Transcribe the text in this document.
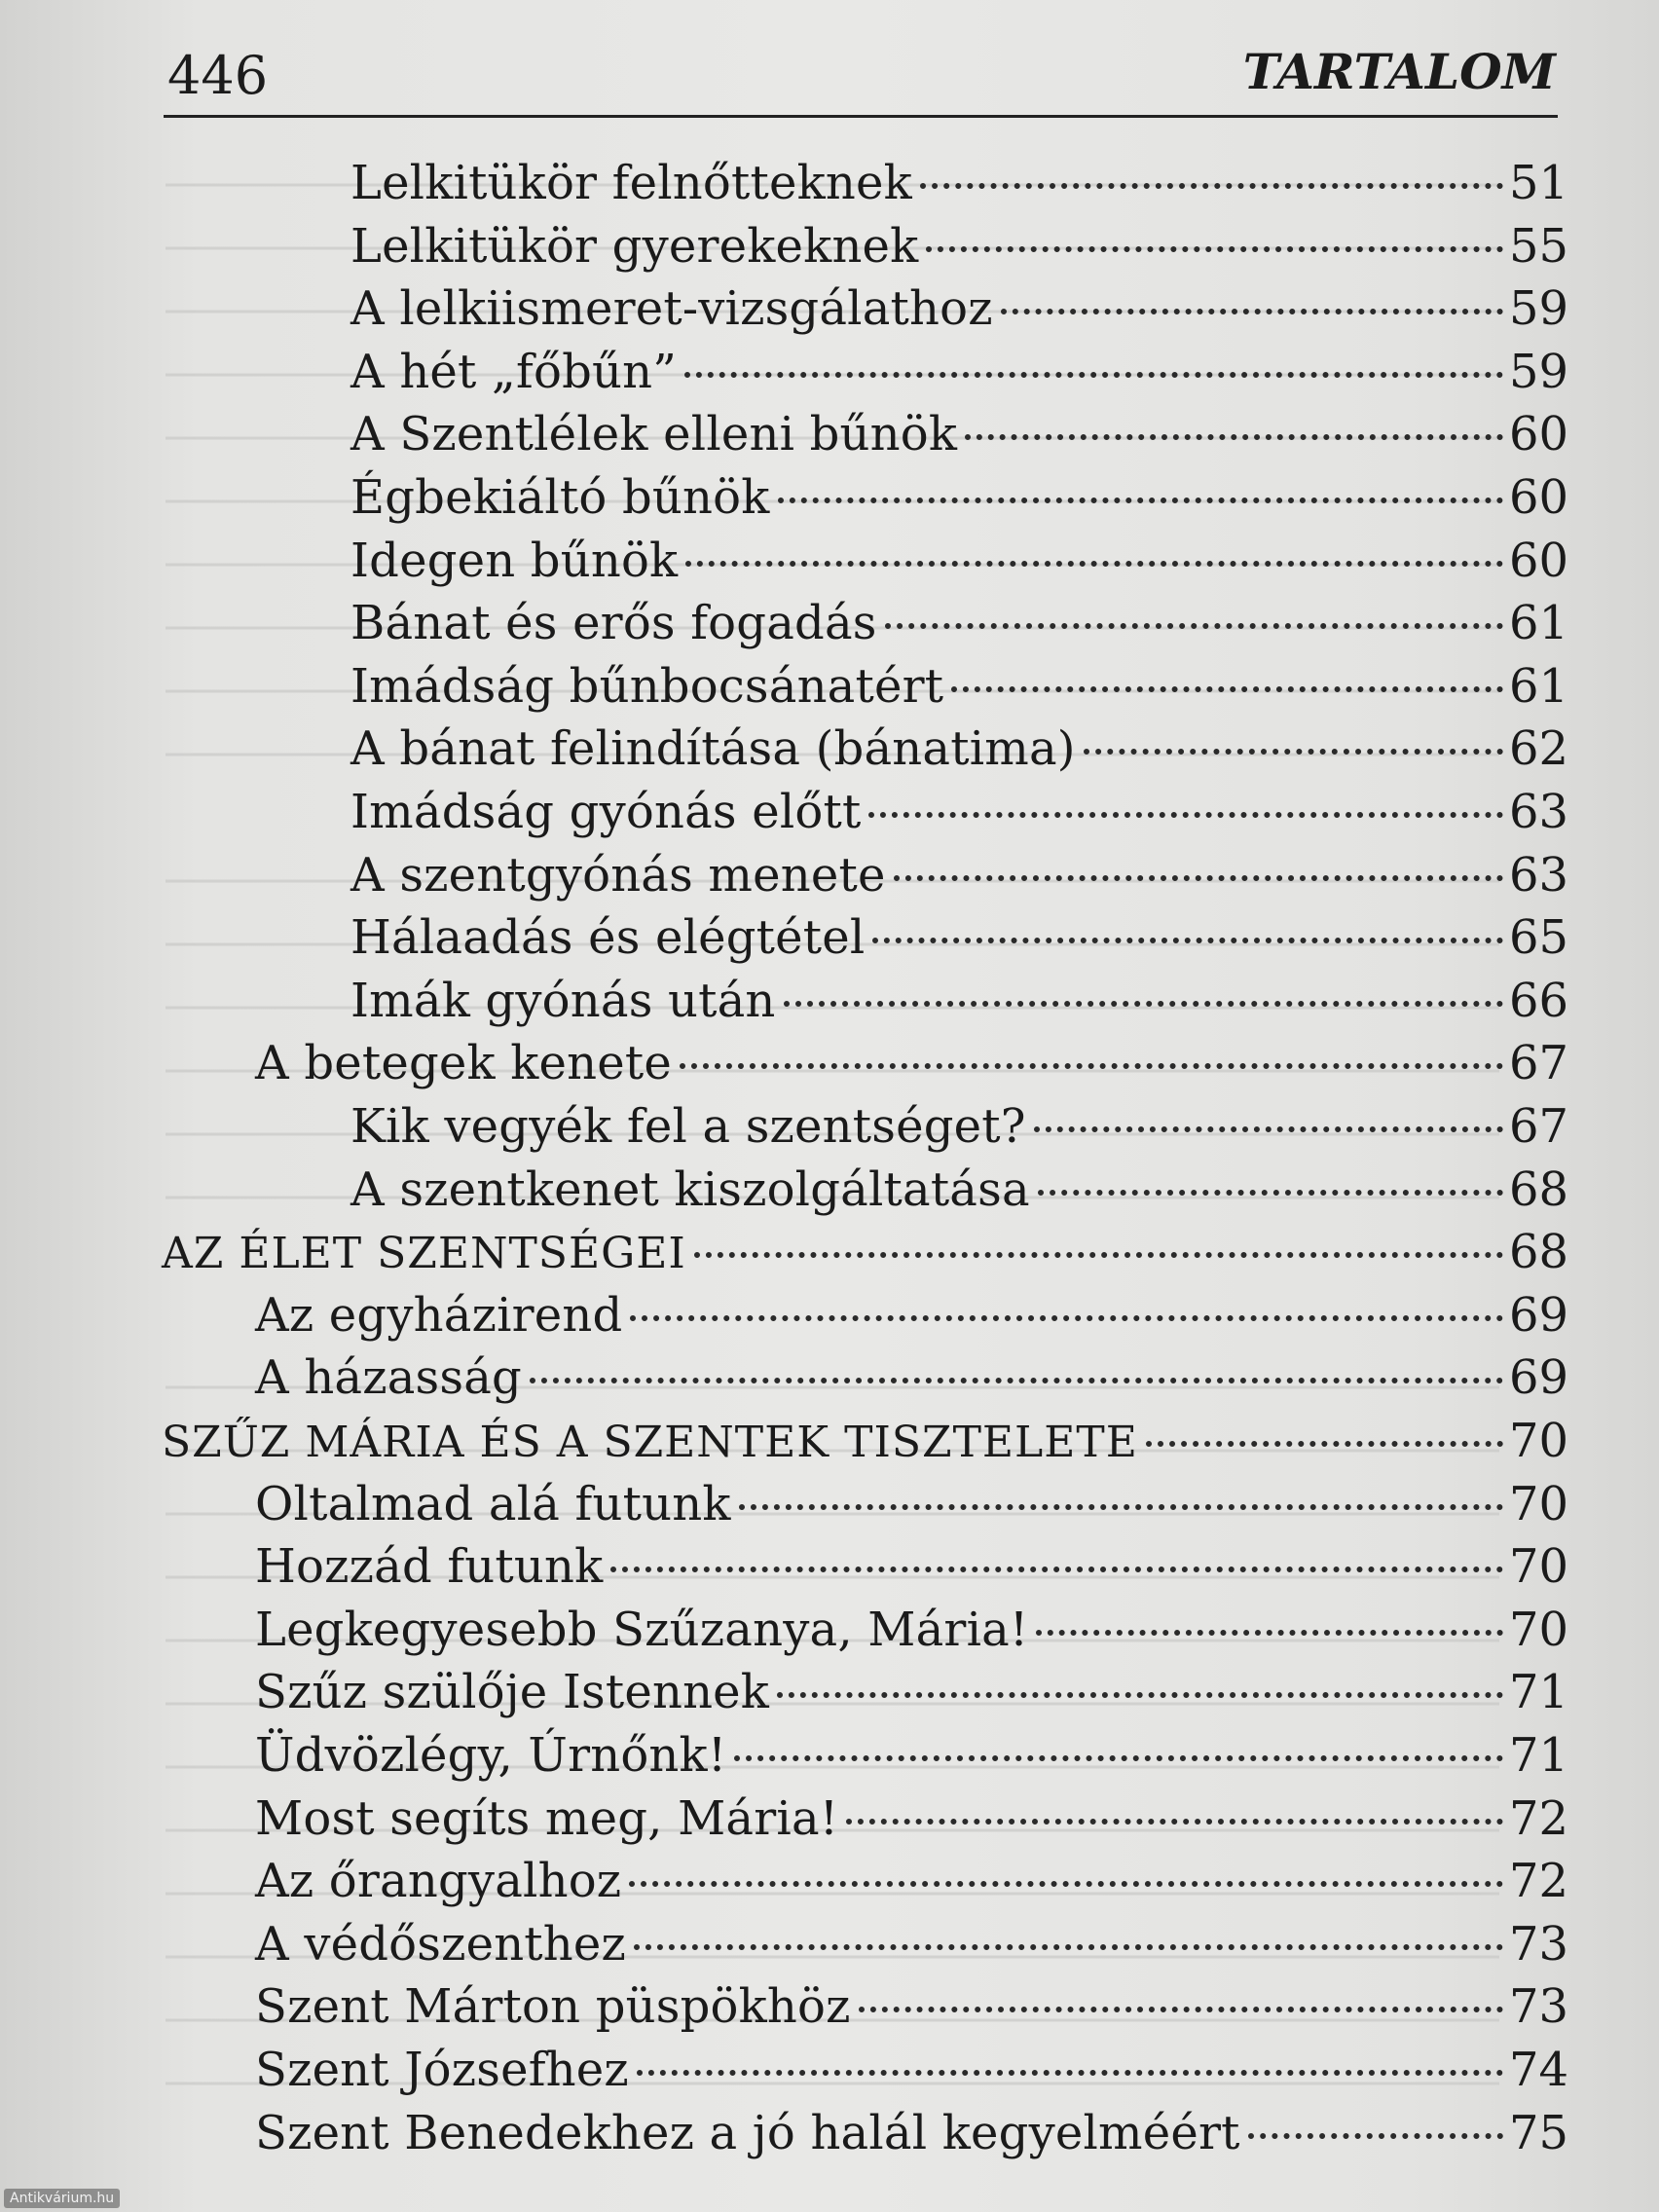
446	TARTALOM
Lelkitükör felnőtteknek	51
Lelkitükör gyerekeknek	55
A lelkiismeret-vizsgálathoz	59
A hét „főbűn”	59
A Szentlélek elleni bűnök	60
Égbekiáltó bűnök	60
Idegen bűnök	60
Bánat és erős fogadás	61
Imádság bűnbocsánatért	61
A bánat felindítása (bánatima)	62
Imádság gyónás előtt	63
A szentgyónás menete	63
Hálaadás és elégtétel	65
Imák gyónás után	66
A betegek kenete	67
Kik vegyék fel a szentséget?	67
A szentkenet kiszolgáltatása	68
AZ ÉLET SZENTSÉGEI	68
Az egyházirend	69
A házasság	69
SZŰZ MÁRIA ÉS A SZENTEK TISZTELETE	70
Oltalmad alá futunk	70
Hozzád futunk	70
Legkegyesebb Szűzanya, Mária!	70
Szűz szülője Istennek	71
Üdvözlégy, Úrnőnk!	71
Most segíts meg, Mária!	72
Az őrangyalhoz	72
A védőszenthez	73
Szent Márton püspökhöz	73
Szent Józsefhez	74
Szent Benedekhez a jó halál kegyelméért	75
Antikvárium.hu
